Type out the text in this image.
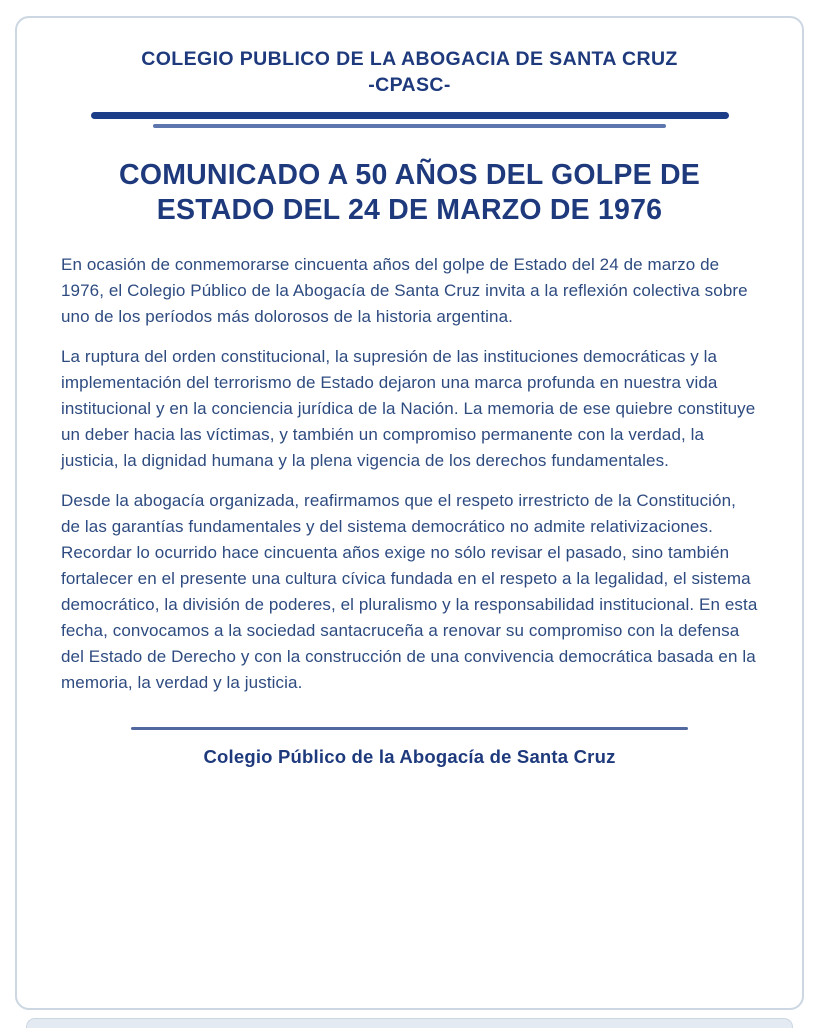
COLEGIO PUBLICO DE LA ABOGACIA DE SANTA CRUZ
-CPASC-
COMUNICADO A 50 AÑOS DEL GOLPE DE ESTADO DEL 24 DE MARZO DE 1976

En ocasión de conmemorarse cincuenta años del golpe de Estado del 24 de marzo de 1976, el Colegio Público de la Abogacía de Santa Cruz invita a la reflexión colectiva sobre uno de los períodos más dolorosos de la historia argentina.

La ruptura del orden constitucional, la supresión de las instituciones democráticas y la implementación del terrorismo de Estado dejaron una marca profunda en nuestra vida institucional y en la conciencia jurídica de la Nación. La memoria de ese quiebre constituye un deber hacia las víctimas, y también un compromiso permanente con la verdad, la justicia, la dignidad humana y la plena vigencia de los derechos fundamentales.

Desde la abogacía organizada, reafirmamos que el respeto irrestricto de la Constitución, de las garantías fundamentales y del sistema democrático no admite relativizaciones. Recordar lo ocurrido hace cincuenta años exige no sólo revisar el pasado, sino también fortalecer en el presente una cultura cívica fundada en el respeto a la legalidad, el sistema democrático, la división de poderes, el pluralismo y la responsabilidad institucional. En esta fecha, convocamos a la sociedad santacruceña a renovar su compromiso con la defensa del Estado de Derecho y con la construcción de una convivencia democrática basada en la memoria, la verdad y la justicia.

Colegio Público de la Abogacía de Santa Cruz
